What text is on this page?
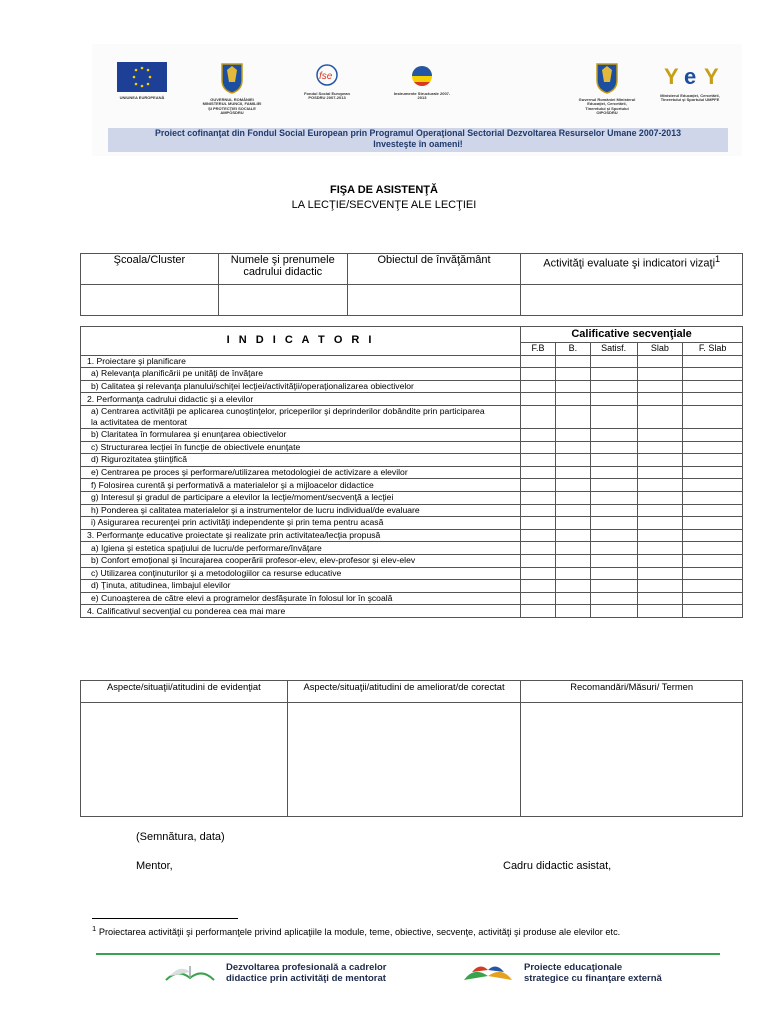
UNIUNEA EUROPEANĂ	GUVERNUL ROMÂNIEI MINISTERUL MUNCII, FAMILIEI ŞI PROTECŢIEI SOCIALE AMPOSDRU
fse
Fondul Social European POSDRU 2007-2013
Instrumente Structurale 2007-2013	Guvernul României Ministerul Educaţiei, Cercetării, Tineretului şi Sportului OIPOSDRU
Y e Y
Ministerul Educaţiei, Cercetării, Tineretului şi Sportului UMPFE
Proiect cofinanţat din Fondul Social European prin Programul Operaţional Sectorial Dezvoltarea Resurselor Umane 2007-2013
Investeşte în oameni!
FIŞA DE ASISTENŢĂ
LA LECŢIE/SECVENŢE ALE LECŢIEI
Şcoala/Cluster	Numele şi prenumele cadrului didactic	Obiectul de învăţământ	Activităţi evaluate şi indicatori vizaţi$^1$

I N D I C A T O R I	Calificative secvenţiale				
	F.B	B.	Satisf.	Slab	F. Slab
1. Proiectare şi planificare					
a) Relevanţa planificării pe unităţi de învăţare					
b) Calitatea şi relevanţa planului/schiţei lecţiei/activităţii/operaţionalizarea obiectivelor					
2. Performanţa cadrului didactic şi a elevilor					
a) Centrarea activităţii pe aplicarea cunoştinţelor, priceperilor şi deprinderilor dobândite prin participarea la activitatea de mentorat					
b) Claritatea în formularea şi enunţarea obiectivelor					
c) Structurarea lecţiei în funcţie de obiectivele enunţate					
d) Rigurozitatea ştiinţifică					
e) Centrarea pe proces şi performare/utilizarea metodologiei de activizare a elevilor					
f) Folosirea curentă şi performativă a materialelor şi a mijloacelor didactice					
g) Interesul şi gradul de participare a elevilor la lecţie/moment/secvenţă a lecţiei					
h) Ponderea şi calitatea materialelor şi a instrumentelor de lucru individual/de evaluare					
i) Asigurarea recurenţei prin activităţi independente şi prin tema pentru acasă					
3. Performanţe educative proiectate şi realizate prin activitatea/lecţia propusă					
a) Igiena şi estetica spaţiului de lucru/de performare/învăţare					
b) Confort emoţional şi încurajarea cooperării profesor-elev, elev-profesor şi elev-elev					
c) Utilizarea conţinuturilor şi a metodologiilor ca resurse educative					
d) Ţinuta, atitudinea, limbajul elevilor					
e) Cunoaşterea de către elevi a programelor desfăşurate în folosul lor în şcoală					
4. Calificativul secvenţial cu ponderea cea mai mare					
Aspecte/situaţii/atitudini de evidenţiat	Aspecte/situaţii/atitudini de ameliorat/de corectat	Recomandări/Măsuri/ Termen

(Semnătura, data)
Mentor,	Cadru didactic asistat,
$^1$ Proiectarea activităţii şi performanţele privind aplicaţiile la module, teme, obiective, secvenţe, activităţi şi produse ale elevilor etc.
Dezvoltarea profesională a cadrelor
didactice prin activităţi de mentorat
Proiecte educaţionale
strategice cu finanţare externă
